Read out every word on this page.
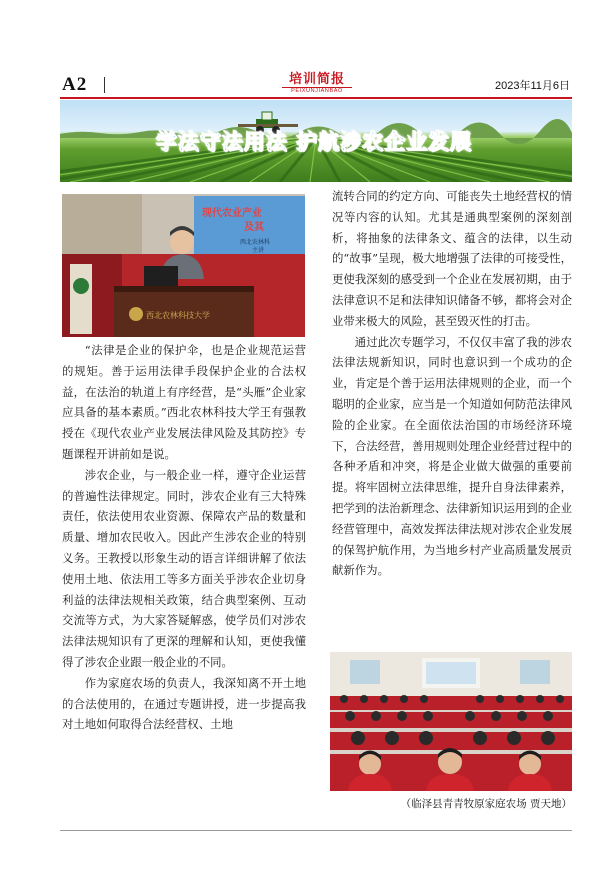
A2	培训简报
PEIXUNJIANBAO	2023年11月6日
学法守法用法 护航涉农企业发展
现代农业产业
及其
西北农林科
主讲
西北农林科技大学

“法律是企业的保护伞，也是企业规范运营的规矩。善于运用法律手段保护企业的合法权益，在法治的轨道上有序经营，是“头雁”企业家应具备的基本素质。”西北农林科技大学王有强教授在《现代农业产业发展法律风险及其防控》专题课程开讲前如是说。

涉农企业，与一般企业一样，遵守企业运营的普遍性法律规定。同时，涉农企业有三大特殊责任，依法使用农业资源、保障农产品的数量和质量、增加农民收入。因此产生涉农企业的特别义务。王教授以形象生动的语言详细讲解了依法使用土地、依法用工等多方面关乎涉农企业切身利益的法律法规相关政策，结合典型案例、互动交流等方式，为大家答疑解惑，使学员们对涉农法律法规知识有了更深的理解和认知，更使我懂得了涉农企业跟一般企业的不同。

作为家庭农场的负责人，我深知离不开土地的合法使用的，在通过专题讲授，进一步提高我对土地如何取得合法经营权、土地

流转合同的约定方向、可能丧失土地经营权的情况等内容的认知。尤其是通典型案例的深刻剖析，将抽象的法律条文、蕴含的法律，以生动的“故事”呈现，极大地增强了法律的可接受性，更使我深刻的感受到一个企业在发展初期，由于法律意识不足和法律知识储备不够，都将会对企业带来极大的风险，甚至毁灭性的打击。

通过此次专题学习，不仅仅丰富了我的涉农法律法规新知识，同时也意识到一个成功的企业，肯定是个善于运用法律规则的企业，而一个聪明的企业家，应当是一个知道如何防范法律风险的企业家。在全面依法治国的市场经济环境下，合法经营，善用规则处理企业经营过程中的各种矛盾和冲突，将是企业做大做强的重要前提。将牢固树立法律思维，提升自身法律素养，把学到的法治新理念、法律新知识运用到的企业经营管理中，高效发挥法律法规对涉农企业发展的保驾护航作用，为当地乡村产业高质量发展贡献新作为。

（临泽县青青牧原家庭农场 贾天地）
